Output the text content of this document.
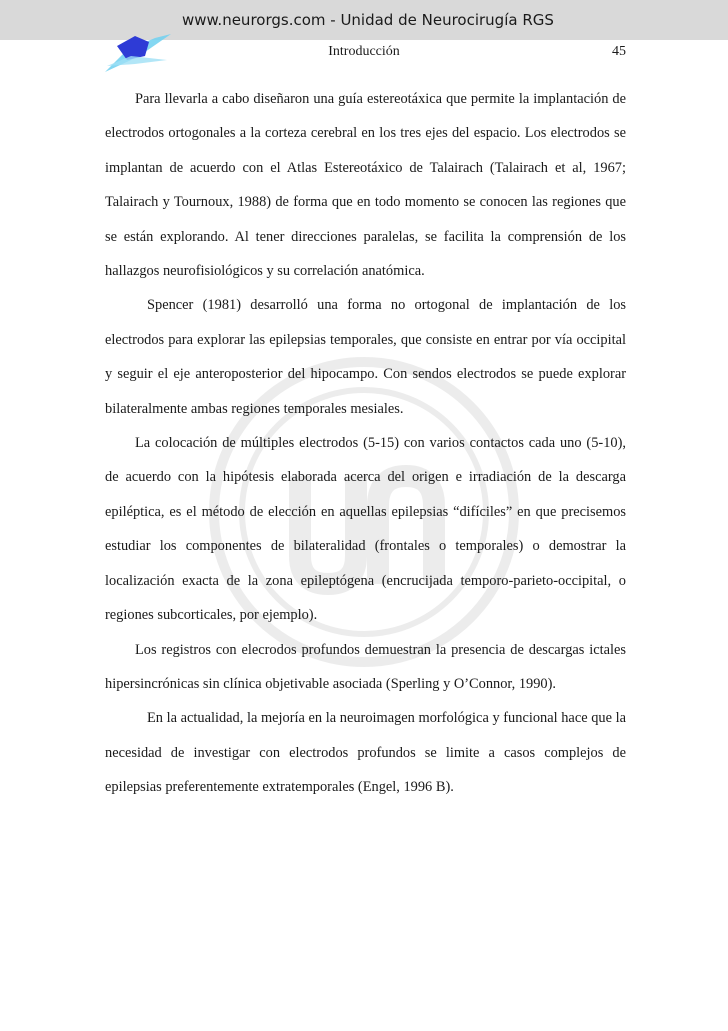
www.neurorgs.com - Unidad de Neurocirugía RGS
Introducción	45

Para llevarla a cabo diseñaron una guía estereotáxica que permite la implantación de electrodos ortogonales a la corteza cerebral en los tres ejes del espacio. Los electrodos se implantan de acuerdo con el Atlas Estereotáxico de Talairach (Talairach et al, 1967; Talairach y Tournoux, 1988) de forma que en todo momento se conocen las regiones que se están explorando. Al tener direcciones paralelas, se facilita la comprensión de los hallazgos neurofisiológicos y su correlación anatómica.

Spencer (1981) desarrolló una forma no ortogonal de implantación de los electrodos para explorar las epilepsias temporales, que consiste en entrar por vía occipital y seguir el eje anteroposterior del hipocampo. Con sendos electrodos se puede explorar bilateralmente ambas regiones temporales mesiales.

La colocación de múltiples electrodos (5-15) con varios contactos cada uno (5-10), de acuerdo con la hipótesis elaborada acerca del origen e irradiación de la descarga epiléptica, es el método de elección en aquellas epilepsias “difíciles” en que precisemos estudiar los componentes de bilateralidad (frontales o temporales) o demostrar la localización exacta de la zona epileptógena (encrucijada temporo-parieto-occipital, o regiones subcorticales, por ejemplo).

Los registros con elecrodos profundos demuestran la presencia de descargas ictales hipersincrónicas sin clínica objetivable asociada (Sperling y O’Connor, 1990).

En la actualidad, la mejoría en la neuroimagen morfológica y funcional hace que la necesidad de investigar con electrodos profundos se limite a casos complejos de epilepsias preferentemente extratemporales (Engel, 1996 B).
